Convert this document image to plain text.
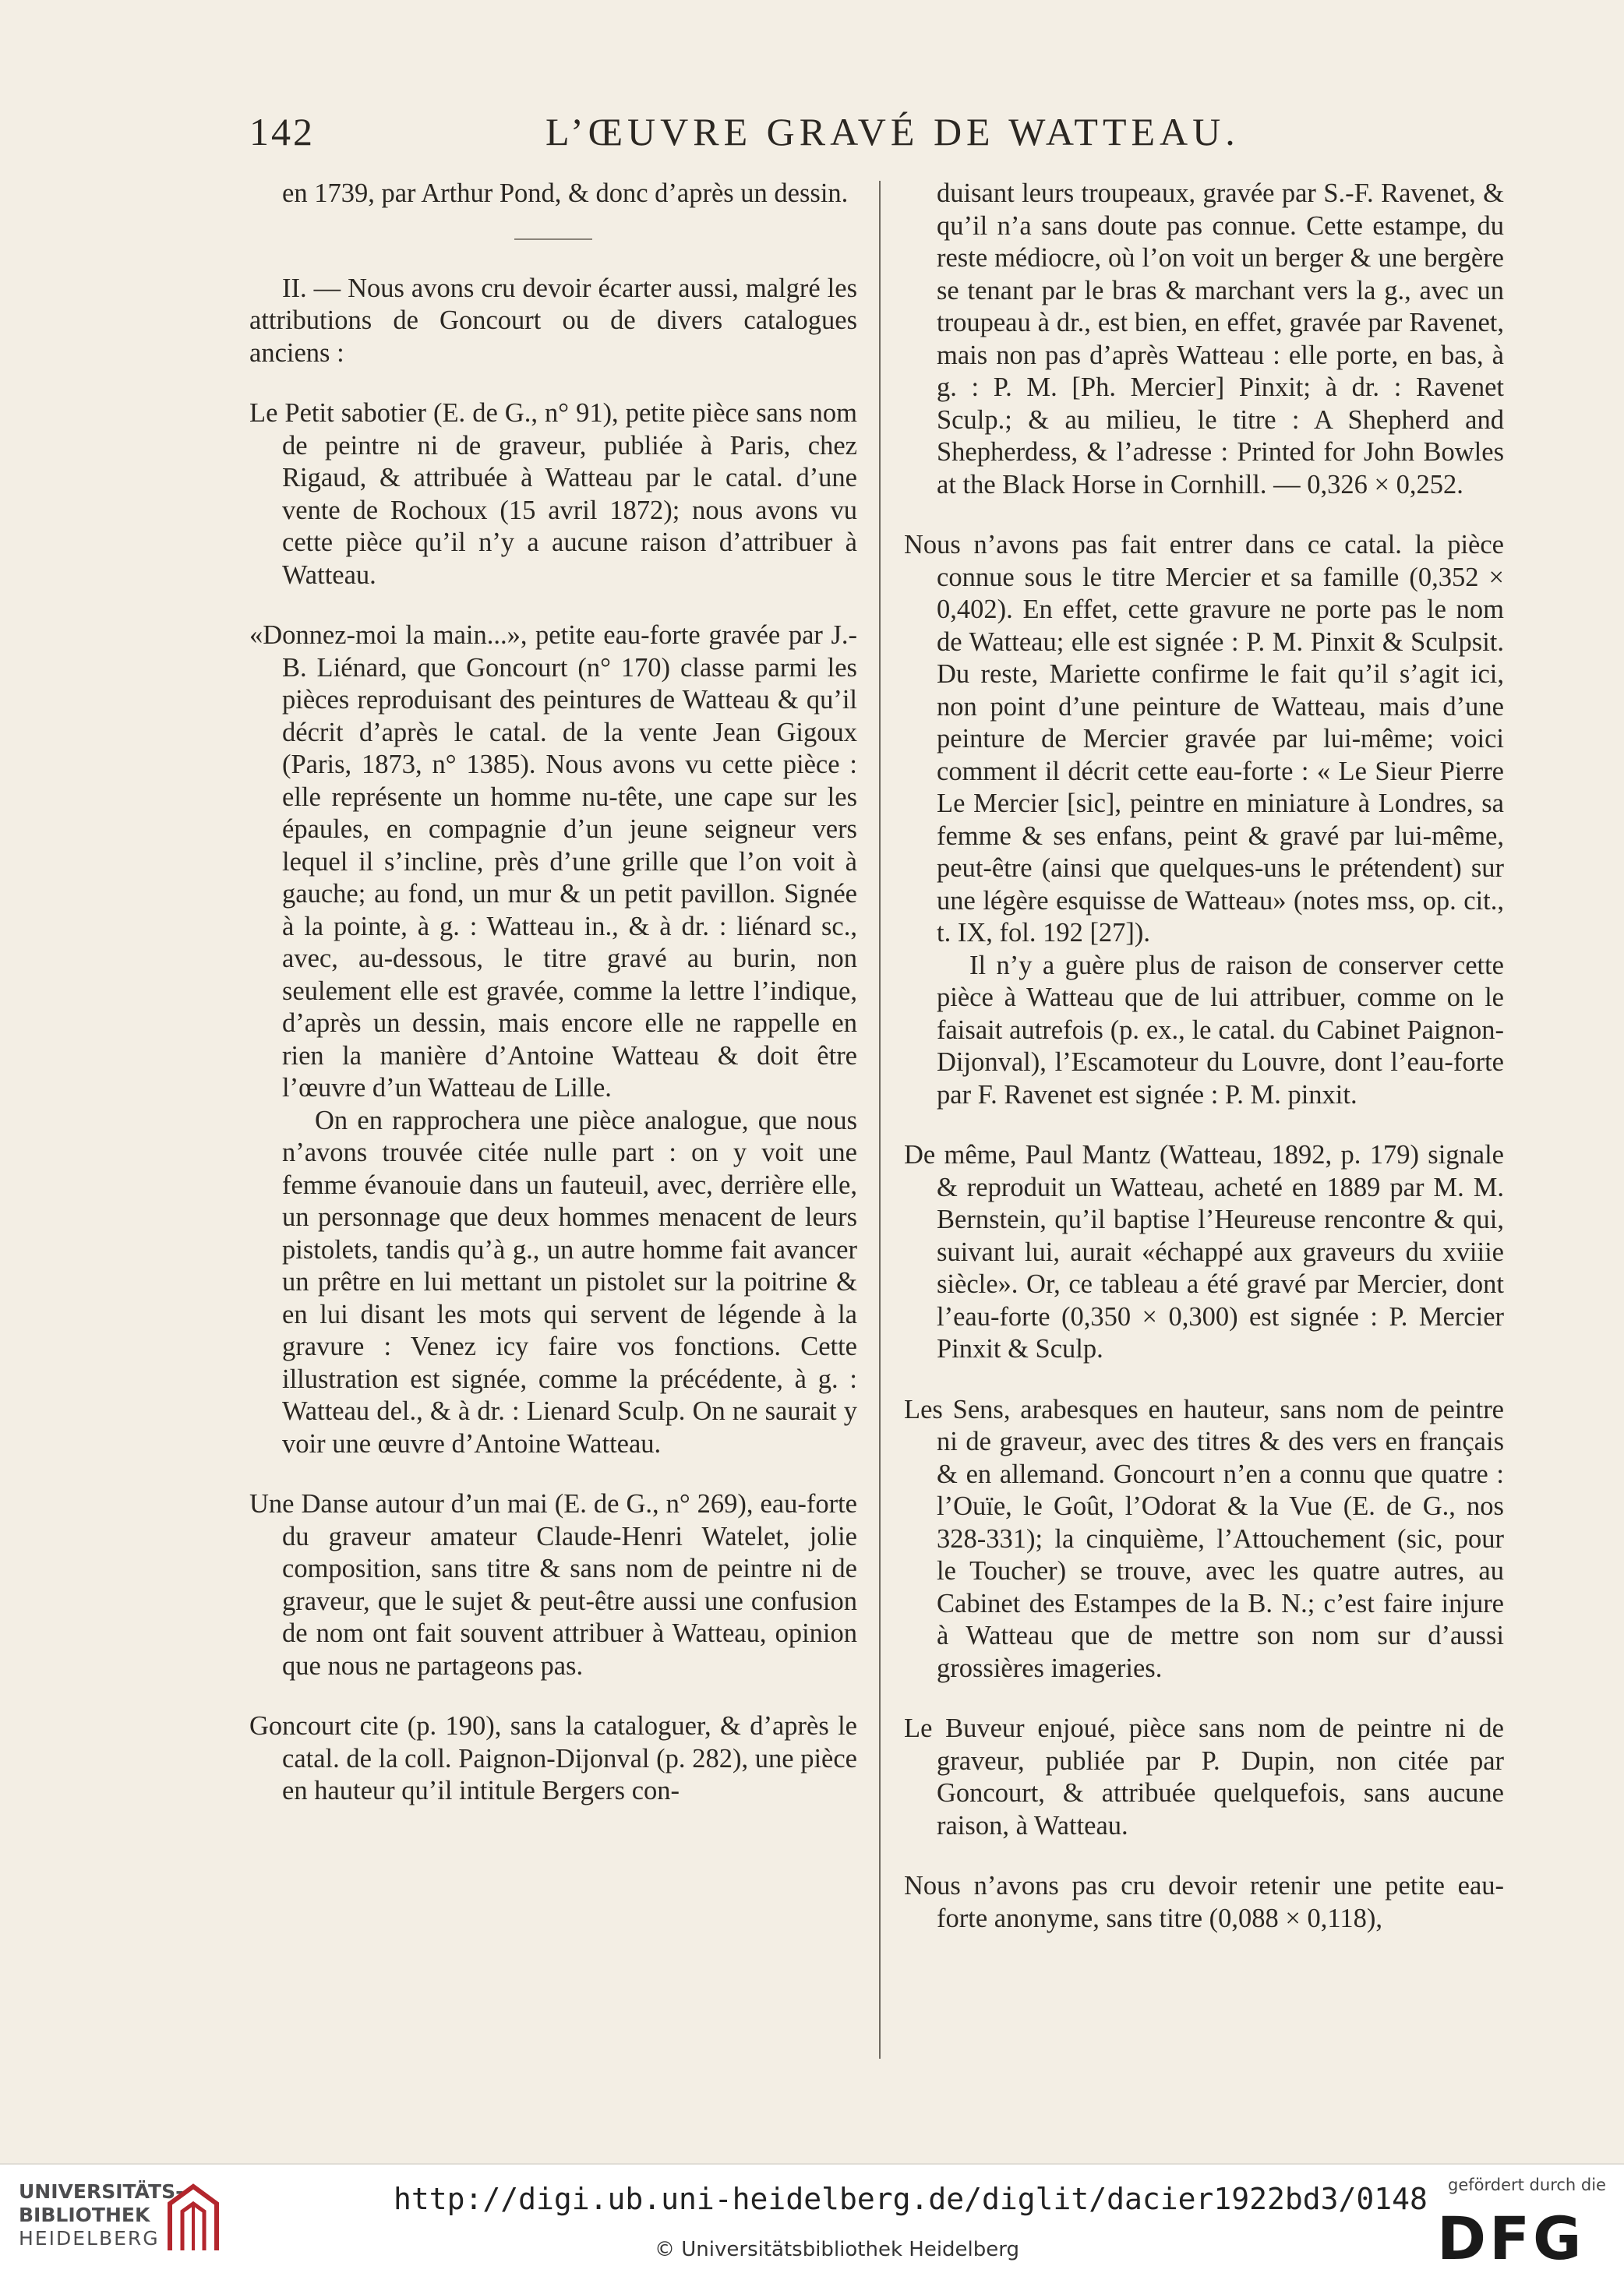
142	L’ŒUVRE GRAVÉ DE WATTEAU.

en 1739, par Arthur Pond, & donc d’après un dessin.

II. — Nous avons cru devoir écarter aussi, malgré les attributions de Goncourt ou de divers catalogues anciens :

Le Petit sabotier (E. de G., n° 91), petite pièce sans nom de peintre ni de graveur, publiée à Paris, chez Rigaud, & attribuée à Watteau par le catal. d’une vente de Rochoux (15 avril 1872); nous avons vu cette pièce qu’il n’y a aucune raison d’attribuer à Watteau.

«Donnez-moi la main...», petite eau-forte gravée par J.-B. Liénard, que Goncourt (n° 170) classe parmi les pièces reproduisant des peintures de Watteau & qu’il décrit d’après le catal. de la vente Jean Gigoux (Paris, 1873, n° 1385). Nous avons vu cette pièce : elle représente un homme nu-tête, une cape sur les épaules, en compagnie d’un jeune seigneur vers lequel il s’incline, près d’une grille que l’on voit à gauche; au fond, un mur & un petit pavillon. Signée à la pointe, à g. : Watteau in., & à dr. : liénard sc., avec, au-dessous, le titre gravé au burin, non seulement elle est gravée, comme la lettre l’indique, d’après un dessin, mais encore elle ne rappelle en rien la manière d’Antoine Watteau & doit être l’œuvre d’un Watteau de Lille.

On en rapprochera une pièce analogue, que nous n’avons trouvée citée nulle part : on y voit une femme évanouie dans un fauteuil, avec, derrière elle, un personnage que deux hommes menacent de leurs pistolets, tandis qu’à g., un autre homme fait avancer un prêtre en lui mettant un pistolet sur la poitrine & en lui disant les mots qui servent de légende à la gravure : Venez icy faire vos fonctions. Cette illustration est signée, comme la précédente, à g. : Watteau del., & à dr. : Lienard Sculp. On ne saurait y voir une œuvre d’Antoine Watteau.

Une Danse autour d’un mai (E. de G., n° 269), eau-forte du graveur amateur Claude-Henri Watelet, jolie composition, sans titre & sans nom de peintre ni de graveur, que le sujet & peut-être aussi une confusion de nom ont fait souvent attribuer à Watteau, opinion que nous ne partageons pas.

Goncourt cite (p. 190), sans la cataloguer, & d’après le catal. de la coll. Paignon-Dijonval (p. 282), une pièce en hauteur qu’il intitule Bergers con-

duisant leurs troupeaux, gravée par S.-F. Ravenet, & qu’il n’a sans doute pas connue. Cette estampe, du reste médiocre, où l’on voit un berger & une bergère se tenant par le bras & marchant vers la g., avec un troupeau à dr., est bien, en effet, gravée par Ravenet, mais non pas d’après Watteau : elle porte, en bas, à g. : P. M. [Ph. Mercier] Pinxit; à dr. : Ravenet Sculp.; & au milieu, le titre : A Shepherd and Shepherdess, & l’adresse : Printed for John Bowles at the Black Horse in Cornhill. — 0,326 × 0,252.

Nous n’avons pas fait entrer dans ce catal. la pièce connue sous le titre Mercier et sa famille (0,352 × 0,402). En effet, cette gravure ne porte pas le nom de Watteau; elle est signée : P. M. Pinxit & Sculpsit. Du reste, Mariette confirme le fait qu’il s’agit ici, non point d’une peinture de Watteau, mais d’une peinture de Mercier gravée par lui-même; voici comment il décrit cette eau-forte : « Le Sieur Pierre Le Mercier [sic], peintre en miniature à Londres, sa femme & ses enfans, peint & gravé par lui-même, peut-être (ainsi que quelques-uns le prétendent) sur une légère esquisse de Watteau» (notes mss, op. cit., t. IX, fol. 192 [27]).

Il n’y a guère plus de raison de conserver cette pièce à Watteau que de lui attribuer, comme on le faisait autrefois (p. ex., le catal. du Cabinet Paignon-Dijonval), l’Escamoteur du Louvre, dont l’eau-forte par F. Ravenet est signée : P. M. pinxit.

De même, Paul Mantz (Watteau, 1892, p. 179) signale & reproduit un Watteau, acheté en 1889 par M. M. Bernstein, qu’il baptise l’Heureuse rencontre & qui, suivant lui, aurait «échappé aux graveurs du xviiie siècle». Or, ce tableau a été gravé par Mercier, dont l’eau-forte (0,350 × 0,300) est signée : P. Mercier Pinxit & Sculp.

Les Sens, arabesques en hauteur, sans nom de peintre ni de graveur, avec des titres & des vers en français & en allemand. Goncourt n’en a connu que quatre : l’Ouïe, le Goût, l’Odorat & la Vue (E. de G., nos 328-331); la cinquième, l’Attouchement (sic, pour le Toucher) se trouve, avec les quatre autres, au Cabinet des Estampes de la B. N.; c’est faire injure à Watteau que de mettre son nom sur d’aussi grossières imageries.

Le Buveur enjoué, pièce sans nom de peintre ni de graveur, publiée par P. Dupin, non citée par Goncourt, & attribuée quelquefois, sans aucune raison, à Watteau.

Nous n’avons pas cru devoir retenir une petite eau-forte anonyme, sans titre (0,088 × 0,118),

UNIVERSITÄTS-
BIBLIOTHEK
HEIDELBERG
http://digi.ub.uni-heidelberg.de/diglit/dacier1922bd3/0148
© Universitätsbibliothek Heidelberg
gefördert durch die
DFG
